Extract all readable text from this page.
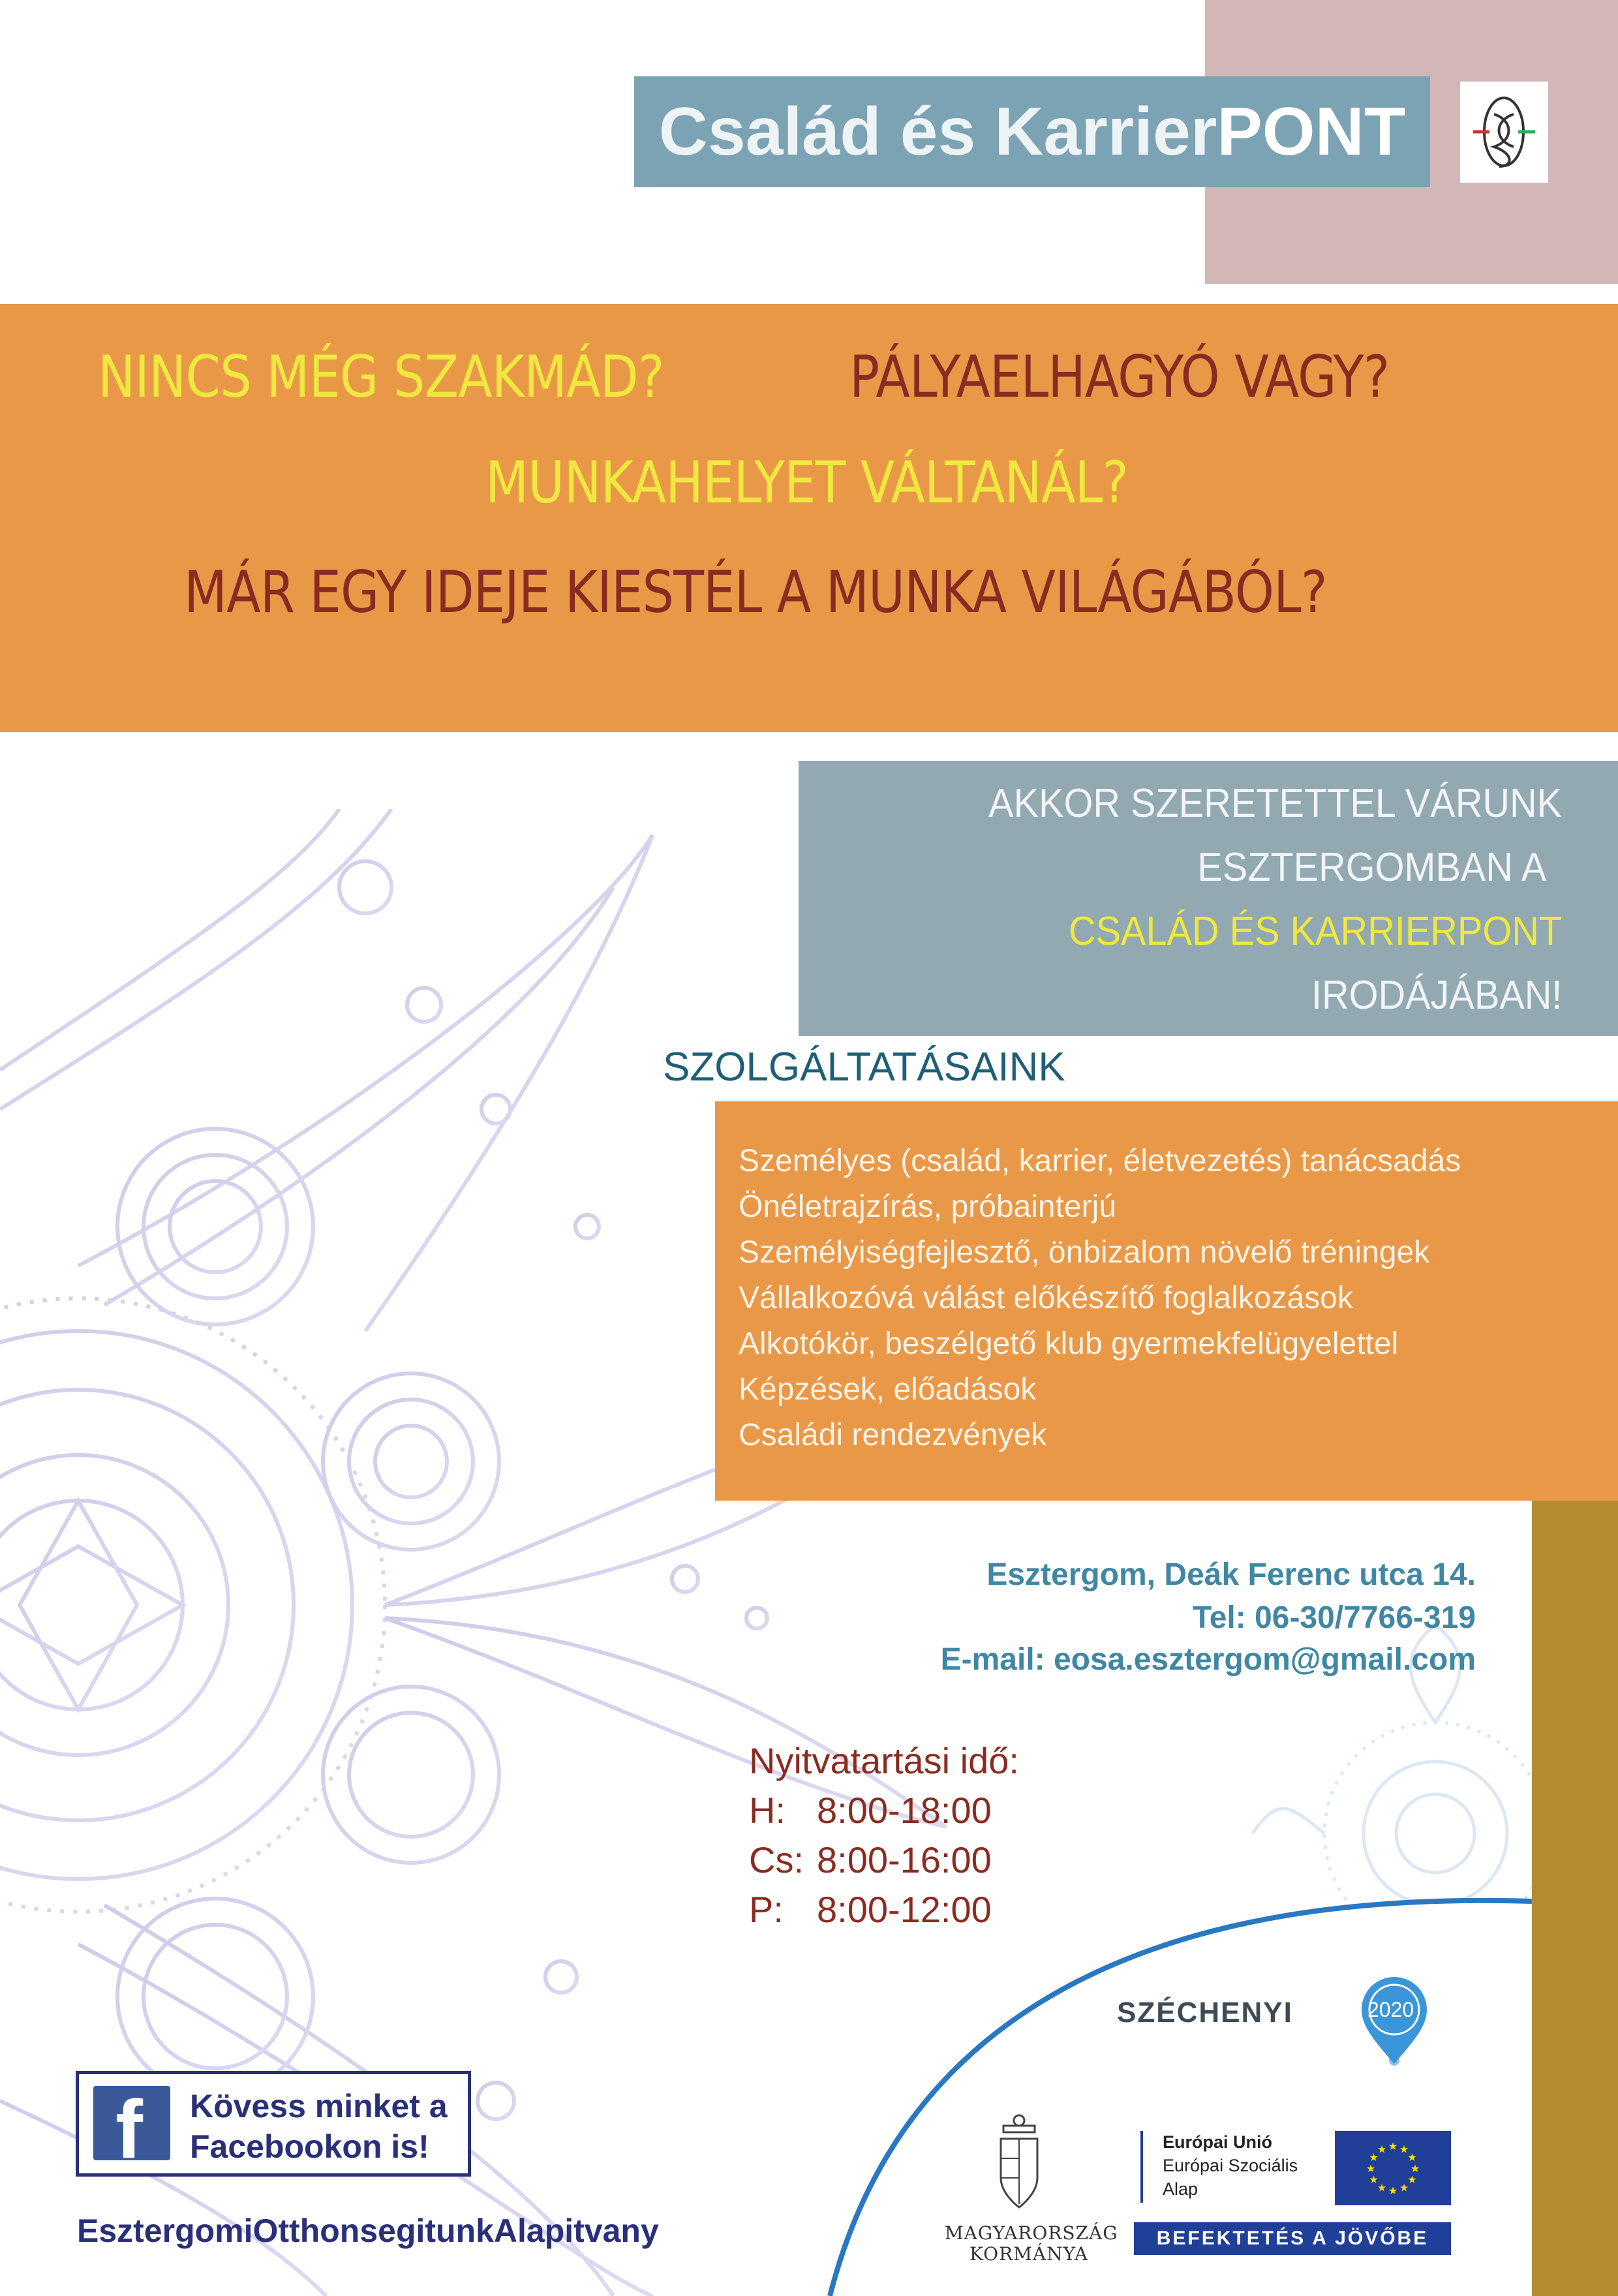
Család és KarrierPONT
NINCS MÉG SZAKMÁD?	PÁLYAELHAGYÓ VAGY?
MUNKAHELYET VÁLTANÁL?
MÁR EGY IDEJE KIESTÉL A MUNKA VILÁGÁBÓL?
AKKOR SZERETETTEL VÁRUNK
ESZTERGOMBAN A
CSALÁD ÉS KARRIERPONT
IRODÁJÁBAN!
SZOLGÁLTATÁSAINK
Személyes (család, karrier, életvezetés) tanácsadás
Önéletrajzírás, próbainterjú
Személyiségfejlesztő, önbizalom növelő tréningek
Vállalkozóvá válást előkészítő foglalkozások
Alkotókör, beszélgető klub gyermekfelügyelettel
Képzések, előadások
Családi rendezvények
Esztergom, Deák Ferenc utca 14.
Tel: 06-30/7766-319
E-mail: eosa.esztergom@gmail.com
Nyitvatartási idő:
H: 8:00-18:00
Cs: 8:00-16:00
P: 8:00-12:00
SZÉCHENYI	2020
MAGYARORSZÁG
KORMÁNYA
Európai Unió
Európai Szociális
Alap
★
★
★
★
★
★
★
★
★ ★ ★
★
BEFEKTETÉS A JÖVŐBE
f Kövess minket a
Facebookon is!
EsztergomiOtthonsegitunkAlapitvany
